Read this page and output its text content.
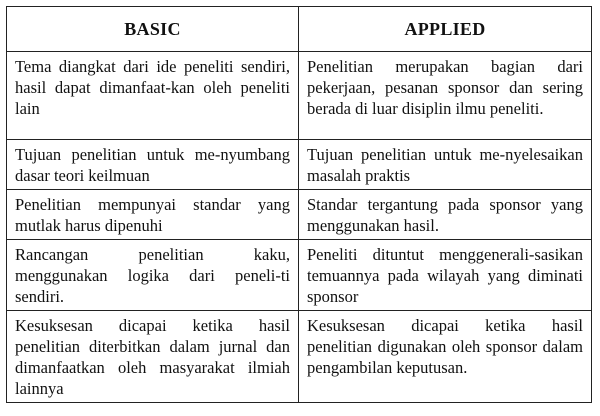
BASIC	APPLIED
Tema diangkat dari ide peneliti sendiri, hasil dapat dimanfaat-kan oleh peneliti lain	Penelitian merupakan bagian dari pekerjaan, pesanan sponsor dan sering berada di luar disiplin ilmu peneliti.
Tujuan penelitian untuk me-nyumbang dasar teori keilmuan	Tujuan penelitian untuk me-nyelesaikan masalah praktis
Penelitian mempunyai standar yang mutlak harus dipenuhi	Standar tergantung pada sponsor yang menggunakan hasil.
Rancangan penelitian kaku, menggunakan logika dari peneli-ti sendiri.	Peneliti dituntut menggenerali-sasikan temuannya pada wilayah yang diminati sponsor
Kesuksesan dicapai ketika hasil penelitian diterbitkan dalam jurnal dan dimanfaatkan oleh masyarakat ilmiah lainnya	Kesuksesan dicapai ketika hasil penelitian digunakan oleh sponsor dalam pengambilan keputusan.
